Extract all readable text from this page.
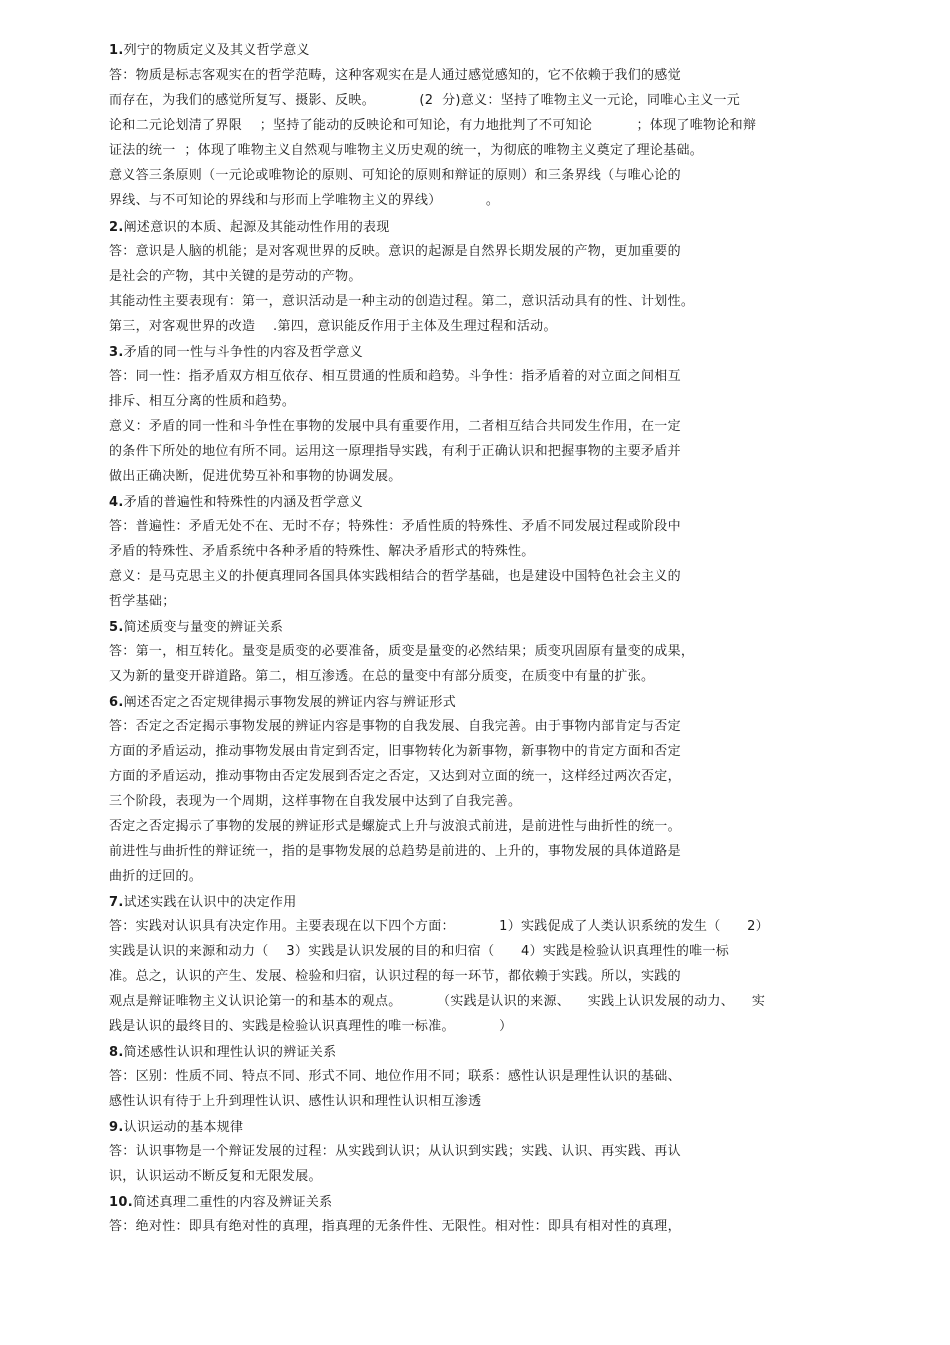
1.列宁的物质定义及其义哲学意义
答：物质是标志客观实在的哲学范畴，这种客观实在是人通过感觉感知的，它不依赖于我们的感觉
而存在，为我们的感觉所复写、摄影、反映。          (2  分)意义：坚持了唯物主义一元论，同唯心主义一元
论和二元论划清了界限    ；坚持了能动的反映论和可知论，有力地批判了不可知论          ；体现了唯物论和辩
证法的统一  ；体现了唯物主义自然观与唯物主义历史观的统一，为彻底的唯物主义奠定了理论基础。
意义答三条原则（一元论或唯物论的原则、可知论的原则和辩证的原则）和三条界线（与唯心论的
界线、与不可知论的界线和与形而上学唯物主义的界线）          。
2.阐述意识的本质、起源及其能动性作用的表现
答：意识是人脑的机能；是对客观世界的反映。意识的起源是自然界长期发展的产物，更加重要的
是社会的产物，其中关键的是劳动的产物。
其能动性主要表现有：第一，意识活动是一种主动的创造过程。第二，意识活动具有的性、计划性。
第三，对客观世界的改造    .第四，意识能反作用于主体及生理过程和活动。
3.矛盾的同一性与斗争性的内容及哲学意义
答：同一性：指矛盾双方相互依存、相互贯通的性质和趋势。斗争性：指矛盾着的对立面之间相互
排斥、相互分离的性质和趋势。
意义：矛盾的同一性和斗争性在事物的发展中具有重要作用，二者相互结合共同发生作用，在一定
的条件下所处的地位有所不同。运用这一原理指导实践，有利于正确认识和把握事物的主要矛盾并
做出正确决断，促进优势互补和事物的协调发展。
4.矛盾的普遍性和特殊性的内涵及哲学意义
答：普遍性：矛盾无处不在、无时不存；特殊性：矛盾性质的特殊性、矛盾不同发展过程或阶段中
矛盾的特殊性、矛盾系统中各种矛盾的特殊性、解决矛盾形式的特殊性。
意义：是马克思主义的扑便真理同各国具体实践相结合的哲学基础，也是建设中国特色社会主义的
哲学基础；
5.简述质变与量变的辨证关系
答：第一，相互转化。量变是质变的必要准备，质变是量变的必然结果；质变巩固原有量变的成果，
又为新的量变开辟道路。第二，相互渗透。在总的量变中有部分质变，在质变中有量的扩张。
6.阐述否定之否定规律揭示事物发展的辨证内容与辨证形式
答：否定之否定揭示事物发展的辨证内容是事物的自我发展、自我完善。由于事物内部肯定与否定
方面的矛盾运动，推动事物发展由肯定到否定，旧事物转化为新事物，新事物中的肯定方面和否定
方面的矛盾运动，推动事物由否定发展到否定之否定，又达到对立面的统一，这样经过两次否定，
三个阶段，表现为一个周期，这样事物在自我发展中达到了自我完善。
否定之否定揭示了事物的发展的辨证形式是螺旋式上升与波浪式前进，是前进性与曲折性的统一。
前进性与曲折性的辩证统一，指的是事物发展的总趋势是前进的、上升的，事物发展的具体道路是
曲折的迂回的。
7.试述实践在认识中的决定作用
答：实践对认识具有决定作用。主要表现在以下四个方面：          1）实践促成了人类认识系统的发生（      2）
实践是认识的来源和动力（    3）实践是认识发展的目的和归宿（      4）实践是检验认识真理性的唯一标
准。总之，认识的产生、发展、检验和归宿，认识过程的每一环节，都依赖于实践。所以，实践的
观点是辩证唯物主义认识论第一的和基本的观点。        （实践是认识的来源、    实践上认识发展的动力、    实
践是认识的最终目的、实践是检验认识真理性的唯一标准。          ）
8.简述感性认识和理性认识的辨证关系
答：区别：性质不同、特点不同、形式不同、地位作用不同；联系：感性认识是理性认识的基础、
感性认识有待于上升到理性认识、感性认识和理性认识相互渗透
9.认识运动的基本规律
答：认识事物是一个辩证发展的过程：从实践到认识；从认识到实践；实践、认识、再实践、再认
识，认识运动不断反复和无限发展。
10.简述真理二重性的内容及辨证关系
答：绝对性：即具有绝对性的真理，指真理的无条件性、无限性。相对性：即具有相对性的真理，
